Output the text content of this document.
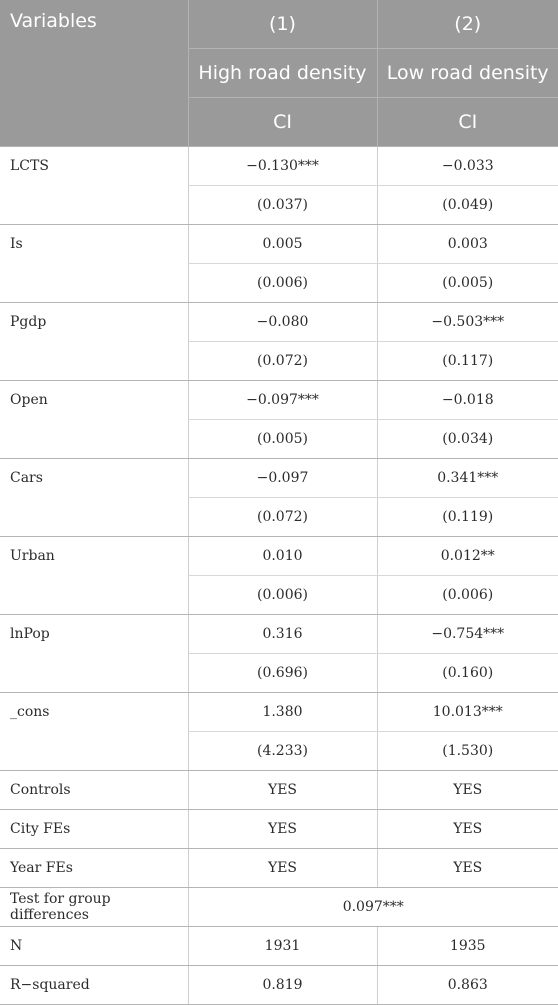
Variables	(1)	(2)
	High road density	Low road density
	CI	CI
LCTS	−0.130***	−0.033
	(0.037)	(0.049)
Is	0.005	0.003
	(0.006)	(0.005)
Pgdp	−0.080	−0.503***
	(0.072)	(0.117)
Open	−0.097***	−0.018
	(0.005)	(0.034)
Cars	−0.097	0.341***
	(0.072)	(0.119)
Urban	0.010	0.012**
	(0.006)	(0.006)
lnPop	0.316	−0.754***
	(0.696)	(0.160)
_cons	1.380	10.013***
	(4.233)	(1.530)
Controls	YES	YES
City FEs	YES	YES
Year FEs	YES	YES
Test for group differences	0.097***	
N	1931	1935
R−squared	0.819	0.863
